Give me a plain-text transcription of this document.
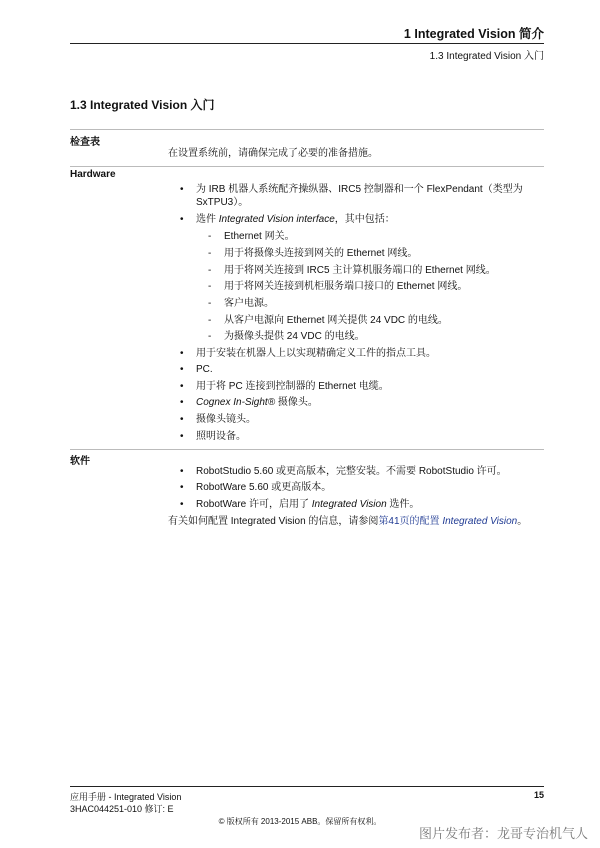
1 Integrated Vision 简介
1.3 Integrated Vision 入门
1.3 Integrated Vision 入门
检查表
在设置系统前，请确保完成了必要的准备措施。
Hardware
• 为 IRB 机器人系统配齐操纵器、IRC5 控制器和一个 FlexPendant（类型为
SxTPU3）。
• 选件 Integrated Vision interface，其中包括：
- Ethernet 网关。
- 用于将摄像头连接到网关的 Ethernet 网线。
- 用于将网关连接到 IRC5 主计算机服务端口的 Ethernet 网线。
- 用于将网关连接到机柜服务端口接口的 Ethernet 网线。
- 客户电源。
- 从客户电源向 Ethernet 网关提供 24 VDC 的电线。
- 为摄像头提供 24 VDC 的电线。
• 用于安装在机器人上以实现精确定义工件的指点工具。
• PC.
• 用于将 PC 连接到控制器的 Ethernet 电缆。
• Cognex In-Sight® 摄像头。
• 摄像头镜头。
• 照明设备。
软件
• RobotStudio 5.60 或更高版本，完整安装。不需要 RobotStudio 许可。
• RobotWare 5.60 或更高版本。
• RobotWare 许可，启用了 Integrated Vision 选件。
有关如何配置 Integrated Vision 的信息，请参阅第41页的配置 Integrated Vision。
应用手册 - Integrated Vision	15
3HAC044251-010 修订: E
© 版权所有 2013-2015 ABB。保留所有权利。
图片发布者：龙哥专治机气人
